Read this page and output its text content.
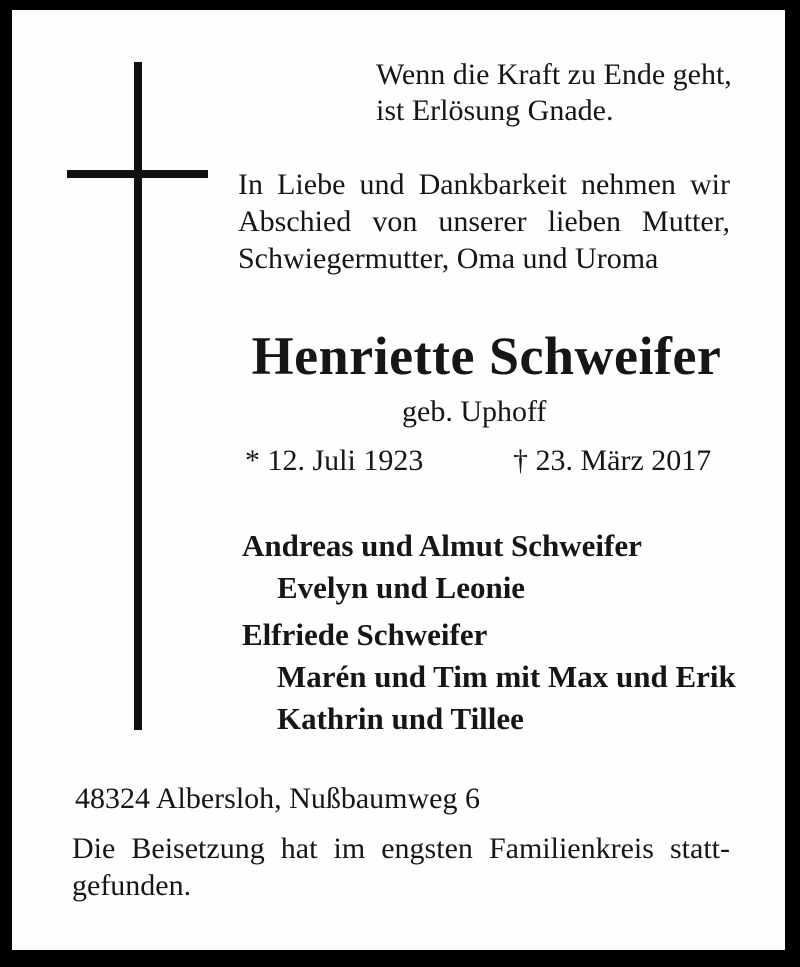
Wenn die Kraft zu Ende geht,
ist Erlösung Gnade.
In Liebe und Dankbarkeit nehmen wir
Abschied von unserer lieben Mutter,
Schwiegermutter, Oma und Uroma
Henriette Schweifer
geb. Uphoff
* 12. Juli 1923	† 23. März 2017
Andreas und Almut Schweifer
Evelyn und Leonie
Elfriede Schweifer
Marén und Tim mit Max und Erik
Kathrin und Tillee
48324 Albersloh, Nußbaumweg 6
Die Beisetzung hat im engsten Familienkreis statt-
gefunden.
